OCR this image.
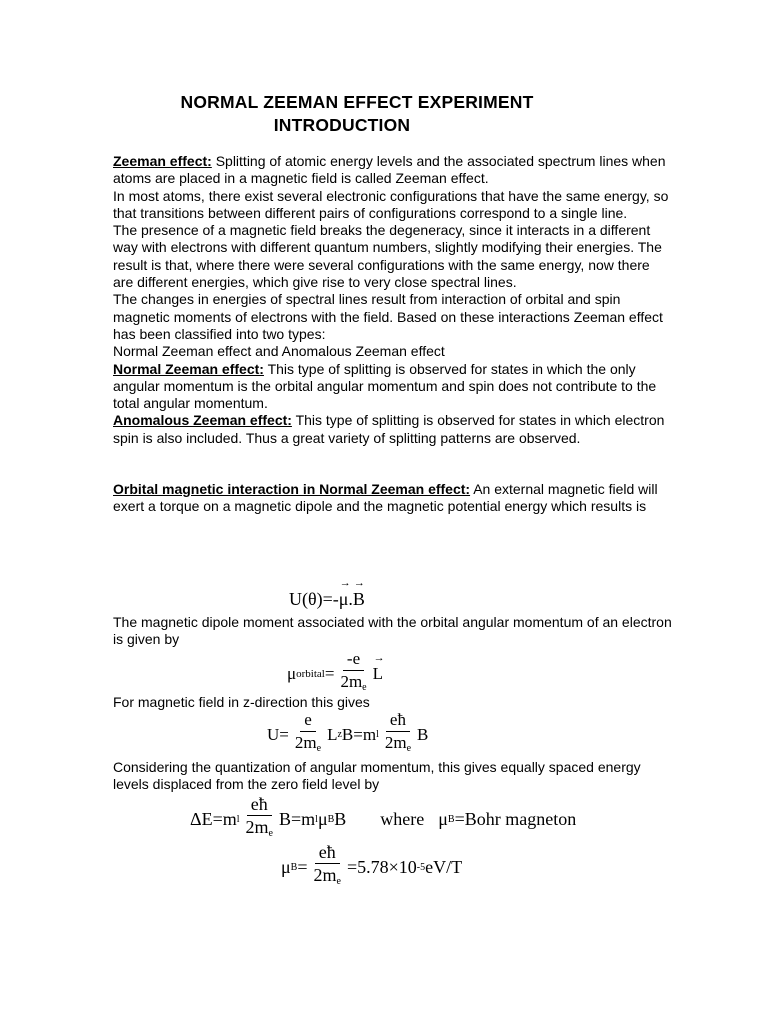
NORMAL ZEEMAN EFFECT EXPERIMENT
INTRODUCTION

Zeeman effect: Splitting of atomic energy levels and the associated spectrum lines when atoms are placed in a magnetic field is called Zeeman effect.

In most atoms, there exist several electronic configurations that have the same energy, so that transitions between different pairs of configurations correspond to a single line.

The presence of a magnetic field breaks the degeneracy, since it interacts in a different way with electrons with different quantum numbers, slightly modifying their energies. The result is that, where there were several configurations with the same energy, now there are different energies, which give rise to very close spectral lines.

The changes in energies of spectral lines result from interaction of orbital and spin magnetic moments of electrons with the field. Based on these interactions Zeeman effect has been classified into two types:

Normal Zeeman effect and Anomalous Zeeman effect

Normal Zeeman effect: This type of splitting is observed for states in which the only angular momentum is the orbital angular momentum and spin does not contribute to the total angular momentum.

Anomalous Zeeman effect: This type of splitting is observed for states in which electron spin is also included. Thus a great variety of splitting patterns are observed.

Orbital magnetic interaction in Normal Zeeman effect: An external magnetic field will exert a torque on a magnetic dipole and the magnetic potential energy which results is

U(θ)=-
→ μ .
→ B
The magnetic dipole moment associated with the orbital angular momentum of an electron is given by
μ orbital = $\frac{-e}{2m_e}$
→ L
For magnetic field in z-direction this gives
$U= \frac{e}{2m_e}$ L z B=m l $\frac{eħ}{2m_e}$ B
Considering the quantization of angular momentum, this gives equally spaced energy levels displaced from the zero field level by
ΔE=m l $\frac{eħ}{2m_e} B=m$ l μ B B where μ B =Bohr magneton
μ $B = \frac{eħ}{2m_e} =5.78\times 10$ -5 eV/T
